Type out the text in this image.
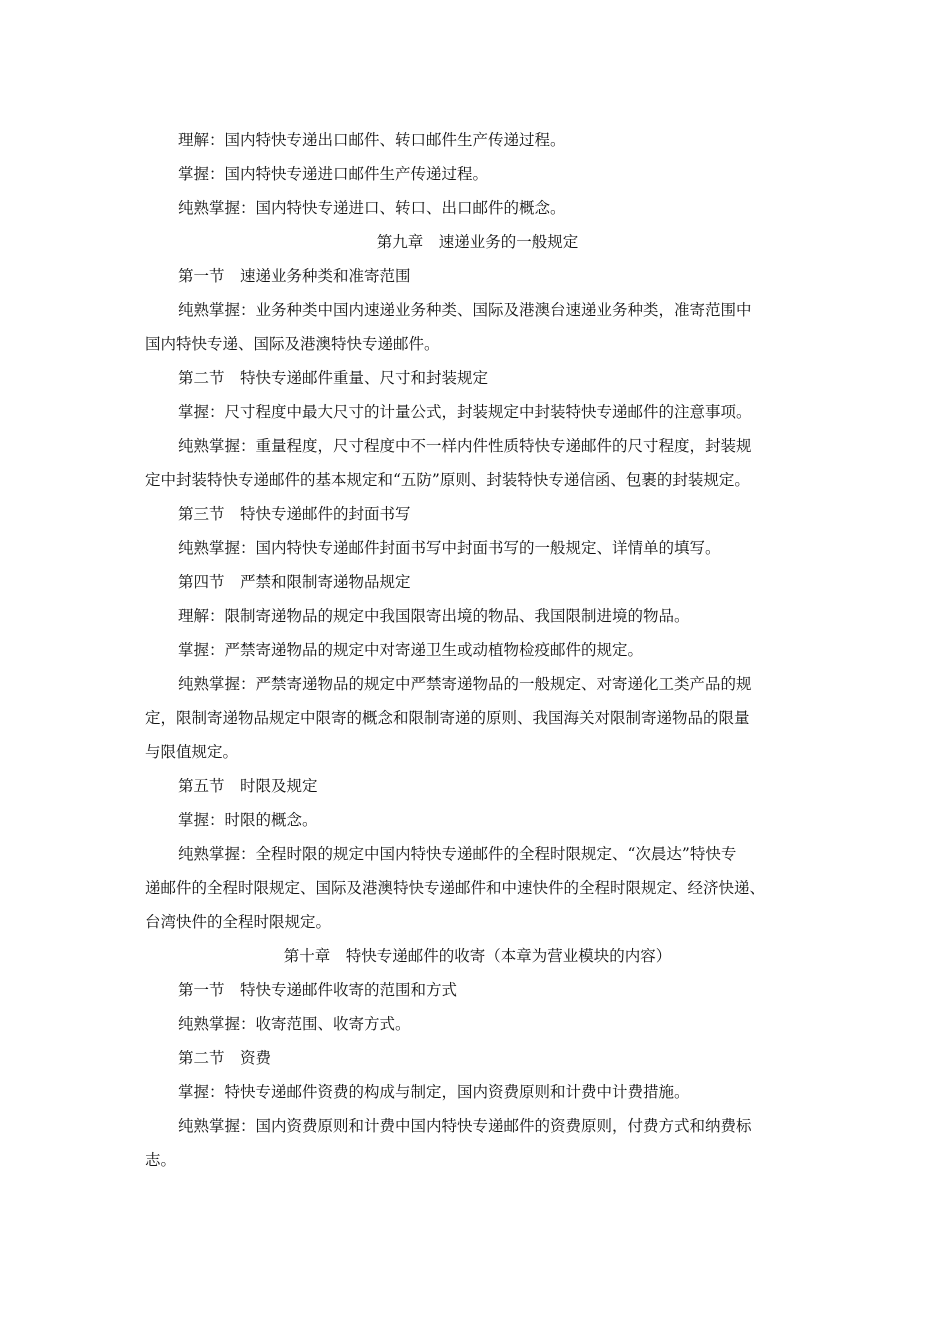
理解：国内特快专递出口邮件、转口邮件生产传递过程。
掌握：国内特快专递进口邮件生产传递过程。
纯熟掌握：国内特快专递进口、转口、出口邮件的概念。
第九章　速递业务的一般规定
第一节　速递业务种类和准寄范围
纯熟掌握：业务种类中国内速递业务种类、国际及港澳台速递业务种类，准寄范围中
国内特快专递、国际及港澳特快专递邮件。
第二节　特快专递邮件重量、尺寸和封装规定
掌握：尺寸程度中最大尺寸的计量公式，封装规定中封装特快专递邮件的注意事项。
纯熟掌握：重量程度，尺寸程度中不一样内件性质特快专递邮件的尺寸程度，封装规
定中封装特快专递邮件的基本规定和“五防”原则、封装特快专递信函、包裹的封装规定。
第三节　特快专递邮件的封面书写
纯熟掌握：国内特快专递邮件封面书写中封面书写的一般规定、详情单的填写。
第四节　严禁和限制寄递物品规定
理解：限制寄递物品的规定中我国限寄出境的物品、我国限制进境的物品。
掌握：严禁寄递物品的规定中对寄递卫生或动植物检疫邮件的规定。
纯熟掌握：严禁寄递物品的规定中严禁寄递物品的一般规定、对寄递化工类产品的规
定，限制寄递物品规定中限寄的概念和限制寄递的原则、我国海关对限制寄递物品的限量
与限值规定。
第五节　时限及规定
掌握：时限的概念。
纯熟掌握：全程时限的规定中国内特快专递邮件的全程时限规定、“次晨达”特快专
递邮件的全程时限规定、国际及港澳特快专递邮件和中速快件的全程时限规定、经济快递、
台湾快件的全程时限规定。
第十章　特快专递邮件的收寄（本章为营业模块的内容）
第一节　特快专递邮件收寄的范围和方式
纯熟掌握：收寄范围、收寄方式。
第二节　资费
掌握：特快专递邮件资费的构成与制定，国内资费原则和计费中计费措施。
纯熟掌握：国内资费原则和计费中国内特快专递邮件的资费原则，付费方式和纳费标
志。
